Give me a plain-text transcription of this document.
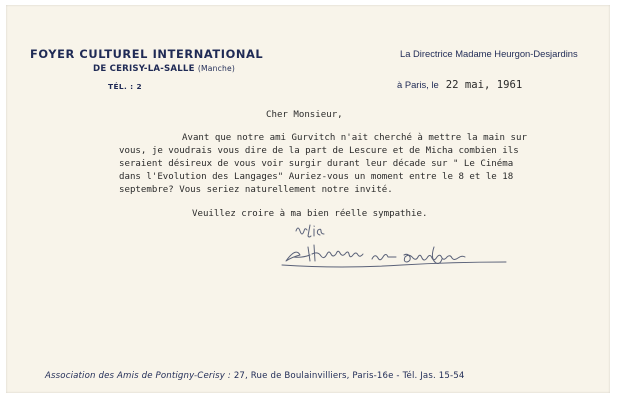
FOYER CULTUREL INTERNATIONAL
DE CERISY-LA-SALLE (Manche)
TÉL. : 2
La Directrice Madame Heurgon-Desjardins
à Paris, le 22 mai, 1961
Cher Monsieur,
Avant que notre ami Gurvitch n'ait cherché à mettre la main sur
vous, je voudrais vous dire de la part de Lescure et de Micha combien ils
seraient désireux de vous voir surgir durant leur décade sur " Le Cinéma
dans l'Evolution des Langages" Auriez-vous un moment entre le 8 et le 18
septembre? Vous seriez naturellement notre invité.
Veuillez croire à ma bien réelle sympathie.
Association des Amis de Pontigny-Cerisy : 27, Rue de Boulainvilliers, Paris-16e - Tél. Jas. 15-54
